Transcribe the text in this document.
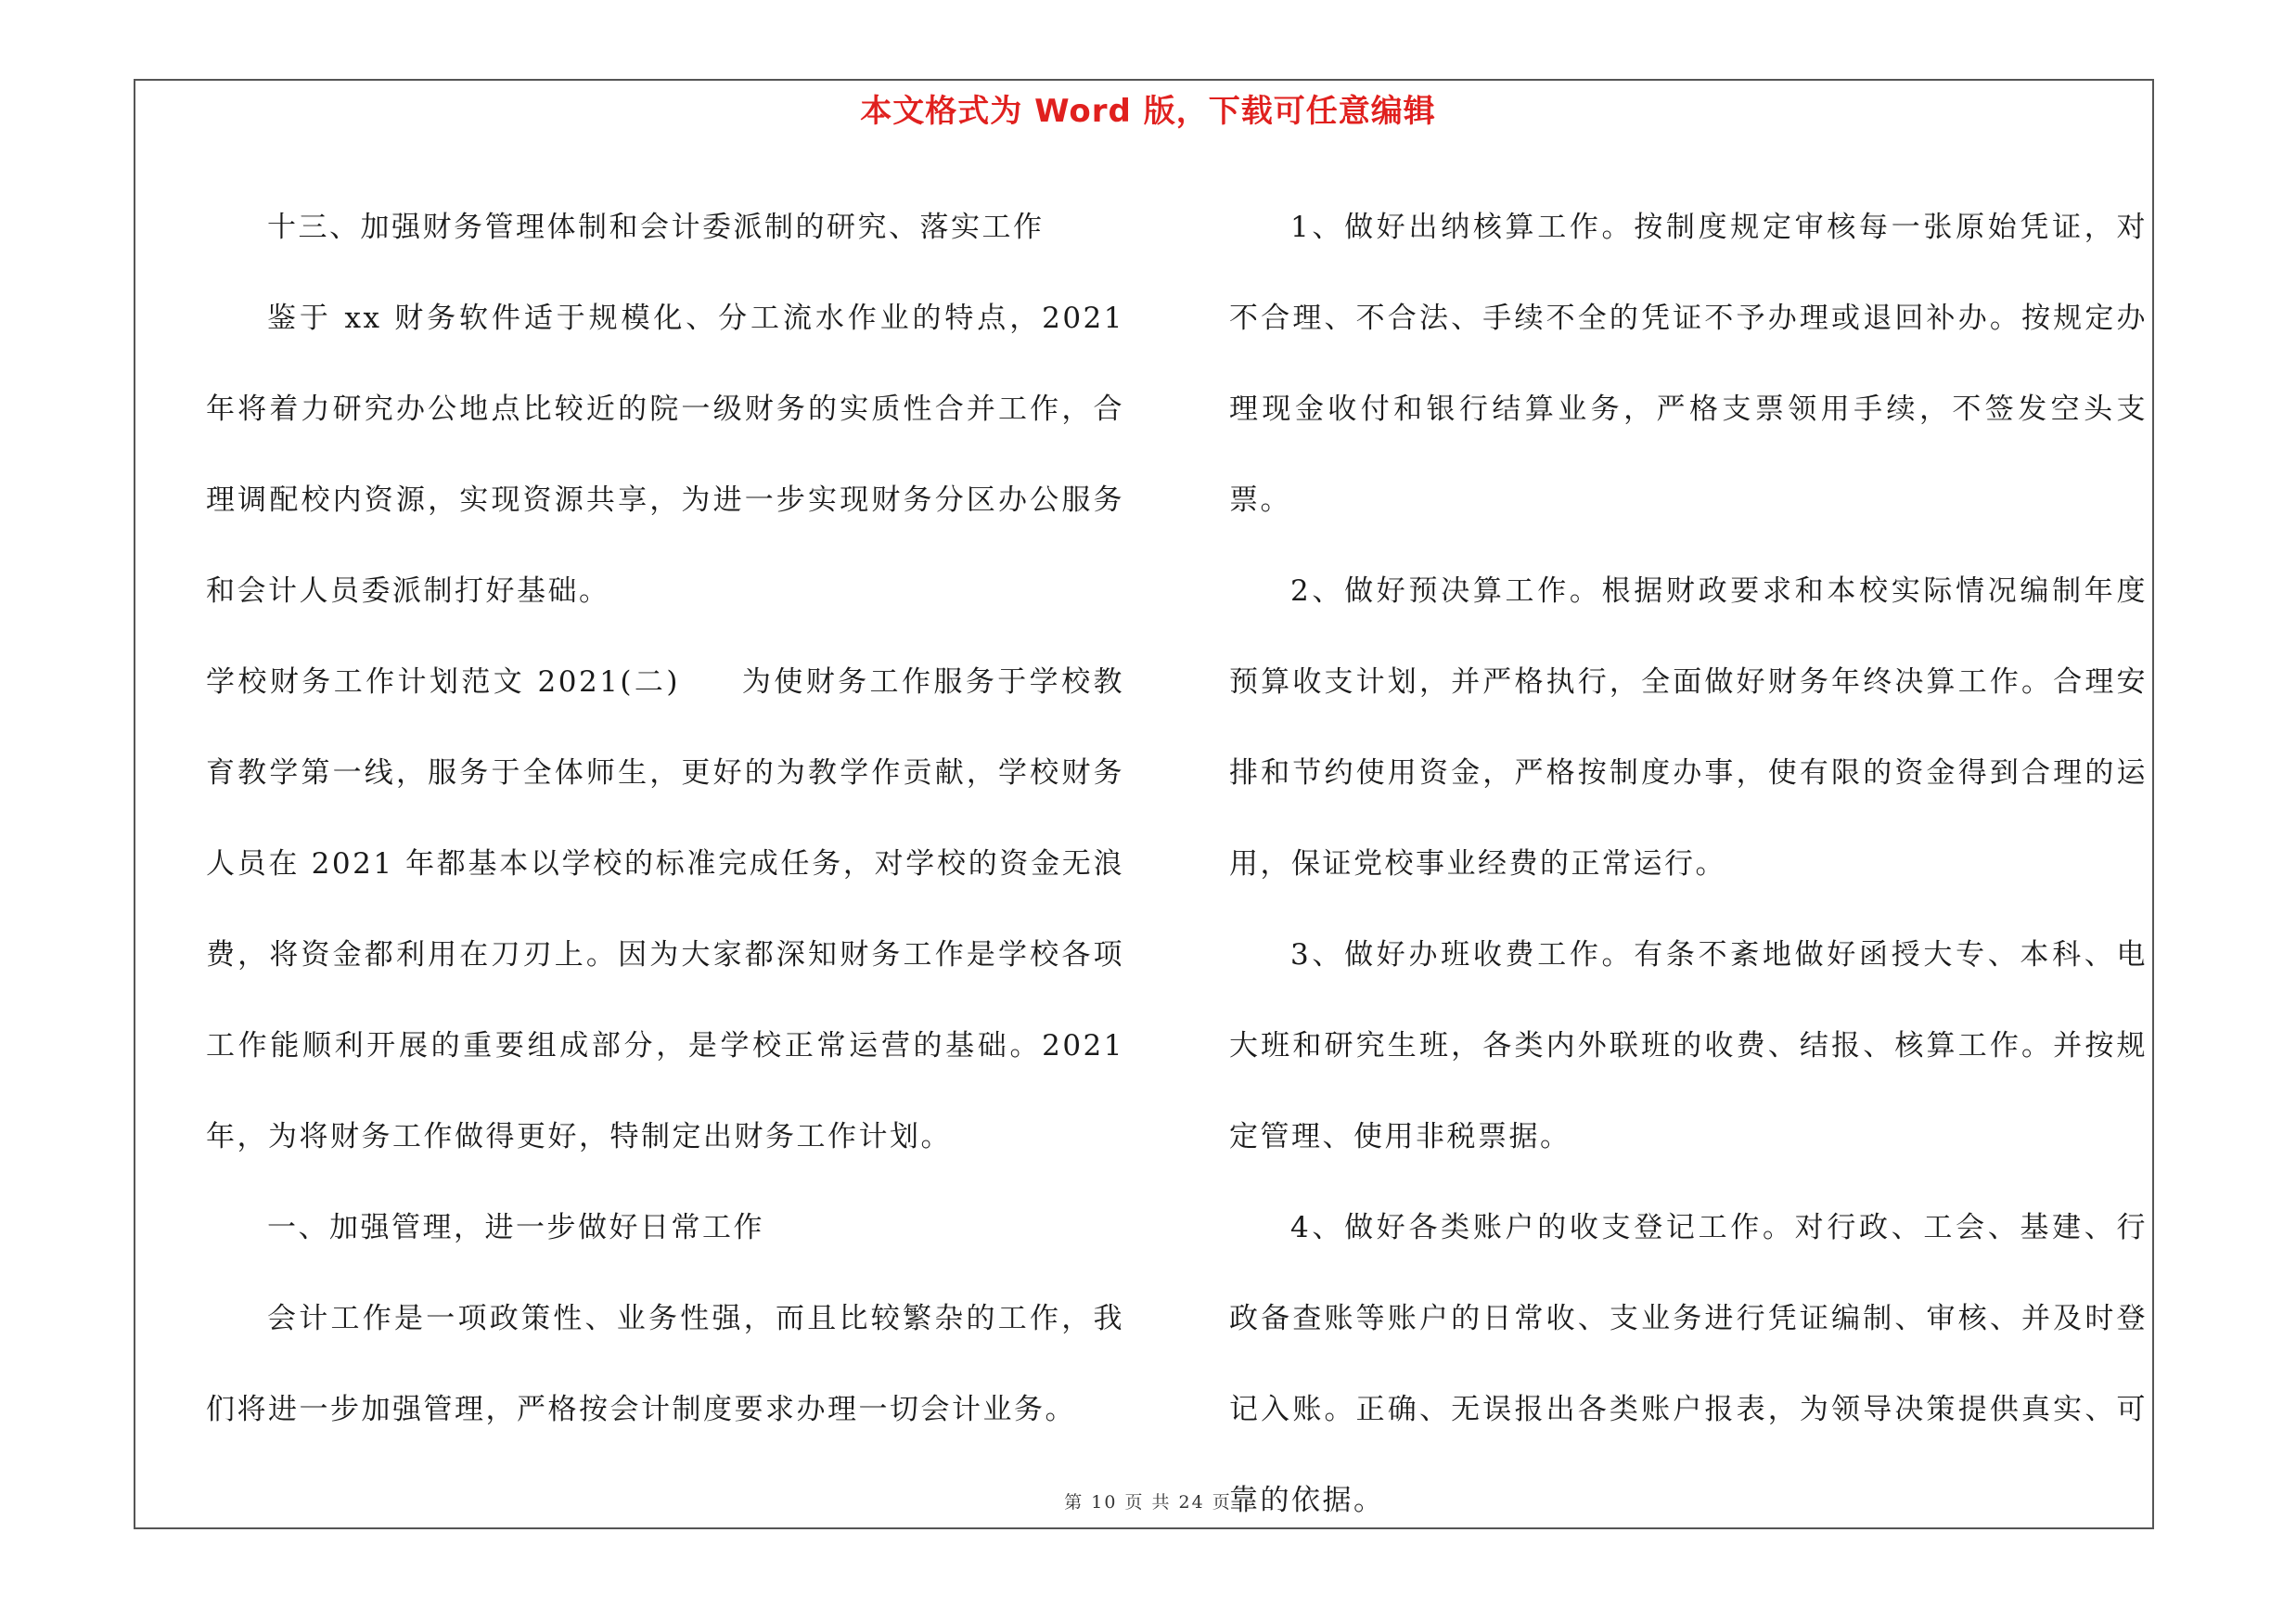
本文格式为 Word 版，下载可任意编辑

十三、加强财务管理体制和会计委派制的研究、落实工作

鉴于 xx 财务软件适于规模化、分工流水作业的特点，2021 年将着力研究办公地点比较近的院一级财务的实质性合并工作，合理调配校内资源，实现资源共享，为进一步实现财务分区办公服务和会计人员委派制打好基础。

学校财务工作计划范文 2021(二) 为使财务工作服务于学校教育教学第一线，服务于全体师生，更好的为教学作贡献，学校财务人员在 2021 年都基本以学校的标准完成任务，对学校的资金无浪费，将资金都利用在刀刃上。因为大家都深知财务工作是学校各项工作能顺利开展的重要组成部分，是学校正常运营的基础。2021 年，为将财务工作做得更好，特制定出财务工作计划。

一、加强管理，进一步做好日常工作

会计工作是一项政策性、业务性强，而且比较繁杂的工作，我们将进一步加强管理，严格按会计制度要求办理一切会计业务。

1、做好出纳核算工作。按制度规定审核每一张原始凭证，对不合理、不合法、手续不全的凭证不予办理或退回补办。按规定办理现金收付和银行结算业务，严格支票领用手续，不签发空头支票。

2、做好预决算工作。根据财政要求和本校实际情况编制年度预算收支计划，并严格执行，全面做好财务年终决算工作。合理安排和节约使用资金，严格按制度办事，使有限的资金得到合理的运用，保证党校事业经费的正常运行。

3、做好办班收费工作。有条不紊地做好函授大专、本科、电大班和研究生班，各类内外联班的收费、结报、核算工作。并按规定管理、使用非税票据。

4、做好各类账户的收支登记工作。对行政、工会、基建、行政备查账等账户的日常收、支业务进行凭证编制、审核、并及时登记入账。正确、无误报出各类账户报表，为领导决策提供真实、可靠的依据。

第 10 页 共 24 页
